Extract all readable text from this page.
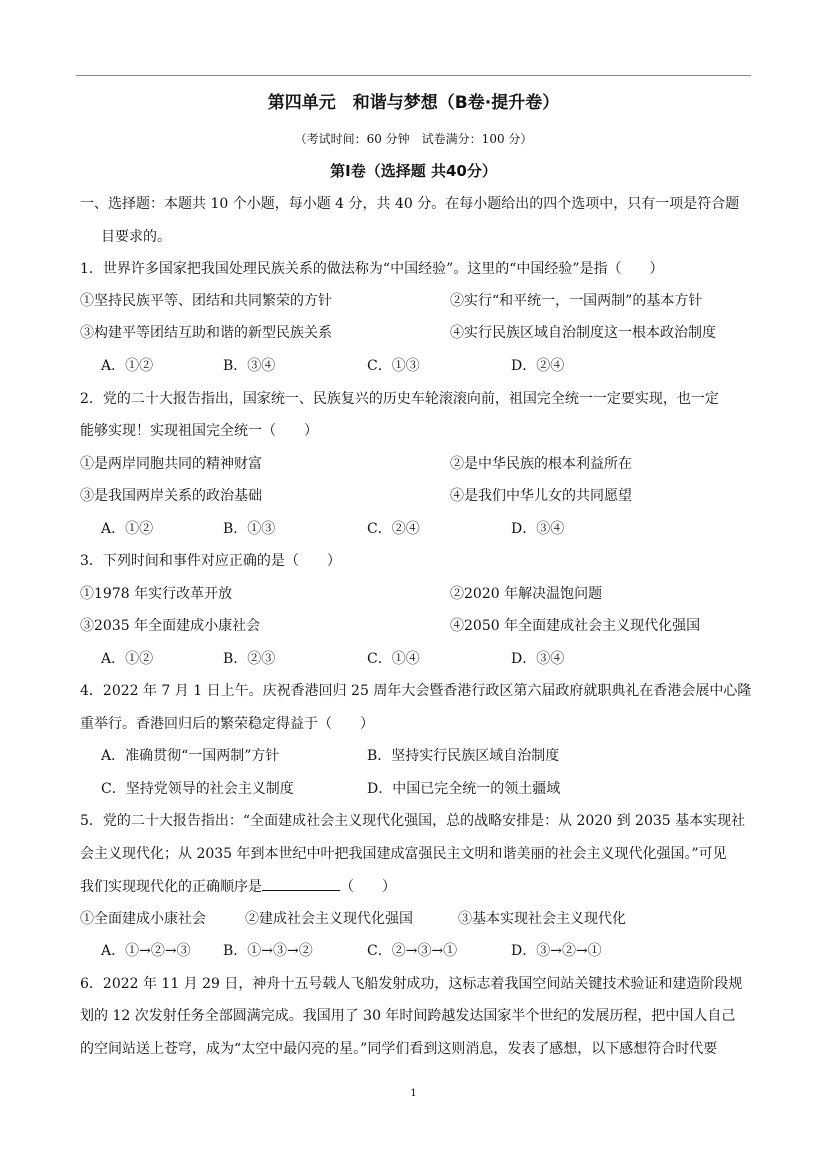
第四单元　和谐与梦想（B卷·提升卷）
（考试时间：60 分钟　试卷满分：100 分）
第Ⅰ卷（选择题 共40分）
一、选择题：本题共 10 个小题，每小题 4 分，共 40 分。在每小题给出的四个选项中，只有一项是符合题
目要求的。
1．世界许多国家把我国处理民族关系的做法称为“中国经验”。这里的“中国经验”是指（　　）
①坚持民族平等、团结和共同繁荣的方针	②实行“和平统一，一国两制”的基本方针
③构建平等团结互助和谐的新型民族关系	④实行民族区域自治制度这一根本政治制度
A．①②	B．③④	C．①③	D．②④
2．党的二十大报告指出，国家统一、民族复兴的历史车轮滚滚向前，祖国完全统一一定要实现，也一定
能够实现！实现祖国完全统一（　　）
①是两岸同胞共同的精神财富	②是中华民族的根本利益所在
③是我国两岸关系的政治基础	④是我们中华儿女的共同愿望
A．①②	B．①③	C．②④	D．③④
3．下列时间和事件对应正确的是（　　）
①1978 年实行改革开放	②2020 年解决温饱问题
③2035 年全面建成小康社会	④2050 年全面建成社会主义现代化强国
A．①②	B．②③	C．①④	D．③④
4．2022 年 7 月 1 日上午。庆祝香港回归 25 周年大会暨香港行政区第六届政府就职典礼在香港会展中心隆
重举行。香港回归后的繁荣稳定得益于（　　）
A．准确贯彻“一国两制”方针	B．坚持实行民族区域自治制度
C．坚持党领导的社会主义制度	D．中国已完全统一的领土疆域
5．党的二十大报告指出：“全面建成社会主义现代化强国，总的战略安排是：从 2020 到 2035 基本实现社
会主义现代化；从 2035 年到本世纪中叶把我国建成富强民主文明和谐美丽的社会主义现代化强国。”可见
我们实现现代化的正确顺序是	（　　）
①全面建成小康社会	②建成社会主义现代化强国	③基本实现社会主义现代化
A．①→②→③ B．①→③→②	C．②→③→①	D．③→②→①
6．2022 年 11 月 29 日，神舟十五号载人飞船发射成功，这标志着我国空间站关键技术验证和建造阶段规
划的 12 次发射任务全部圆满完成。我国用了 30 年时间跨越发达国家半个世纪的发展历程，把中国人自己
的空间站送上苍穹，成为“太空中最闪亮的星。”同学们看到这则消息，发表了感想，以下感想符合时代要
1
